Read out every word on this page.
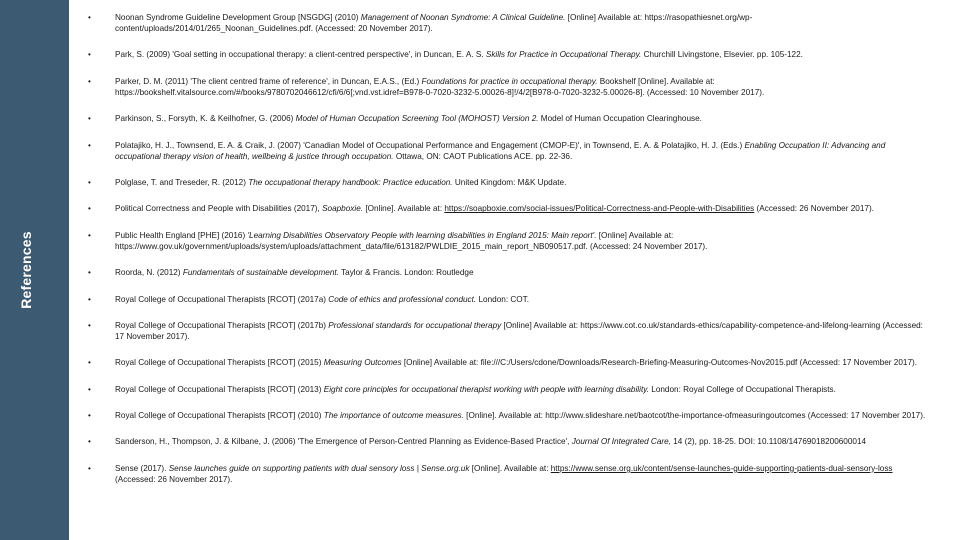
References
•	Noonan Syndrome Guideline Development Group [NSGDG] (2010) Management of Noonan Syndrome: A Clinical Guideline. [Online] Available at: https://rasopathiesnet.org/wp-content/uploads/2014/01/265_Noonan_Guidelines.pdf. (Accessed: 20 November 2017).
•	Park, S. (2009) 'Goal setting in occupational therapy: a client-centred perspective', in Duncan, E. A. S. Skills for Practice in Occupational Therapy. Churchill Livingstone, Elsevier. pp. 105-122.
•	Parker, D. M. (2011) 'The client centred frame of reference', in Duncan, E.A.S., (Ed.) Foundations for practice in occupational therapy. Bookshelf [Online]. Available at: https://bookshelf.vitalsource.com/#/books/9780702046612/cfi/6/6[;vnd.vst.idref=B978-0-7020-3232-5.00026-8]!/4/2[B978-0-7020-3232-5.00026-8]. (Accessed: 10 November 2017).
•	Parkinson, S., Forsyth, K. & Keilhofner, G. (2006) Model of Human Occupation Screening Tool (MOHOST) Version 2. Model of Human Occupation Clearinghouse.
•	Polatajiko, H. J., Townsend, E. A. & Craik, J. (2007) 'Canadian Model of Occupational Performance and Engagement (CMOP-E)', in Townsend, E. A. & Polatajiko, H. J. (Eds.) Enabling Occupation II: Advancing and occupational therapy vision of health, wellbeing & justice through occupation. Ottawa, ON: CAOT Publications ACE. pp. 22-36.
•	Polglase, T. and Treseder, R. (2012) The occupational therapy handbook: Practice education. United Kingdom: M&K Update.
•	Political Correctness and People with Disabilities (2017), Soapboxie. [Online]. Available at: https://soapboxie.com/social-issues/Political-Correctness-and-People-with-Disabilities (Accessed: 26 November 2017).
•	Public Health England [PHE] (2016) 'Learning Disabilities Observatory People with learning disabilities in England 2015: Main report'. [Online] Available at: https://www.gov.uk/government/uploads/system/uploads/attachment_data/file/613182/PWLDIE_2015_main_report_NB090517.pdf. (Accessed: 24 November 2017).
•	Roorda, N. (2012) Fundamentals of sustainable development. Taylor & Francis. London: Routledge
•	Royal College of Occupational Therapists [RCOT] (2017a) Code of ethics and professional conduct. London: COT.
•	Royal College of Occupational Therapists [RCOT] (2017b) Professional standards for occupational therapy [Online] Available at: https://www.cot.co.uk/standards-ethics/capability-competence-and-lifelong-learning (Accessed: 17 November 2017).
•	Royal College of Occupational Therapists [RCOT] (2015) Measuring Outcomes [Online] Available at: file:///C:/Users/cdone/Downloads/Research-Briefing-Measuring-Outcomes-Nov2015.pdf (Accessed: 17 November 2017).
•	Royal College of Occupational Therapists [RCOT] (2013) Eight core principles for occupational therapist working with people with learning disability. London: Royal College of Occupational Therapists.
•	Royal College of Occupational Therapists [RCOT] (2010) The importance of outcome measures. [Online]. Available at: http://www.slideshare.net/baotcot/the-importance-ofmeasuringoutcomes (Accessed: 17 November 2017).
•	Sanderson, H., Thompson, J. & Kilbane, J. (2006) 'The Emergence of Person-Centred Planning as Evidence-Based Practice', Journal Of Integrated Care, 14 (2), pp. 18-25. DOI: 10.1108/14769018200600014
•	Sense (2017). Sense launches guide on supporting patients with dual sensory loss | Sense.org.uk [Online]. Available at: https://www.sense.org.uk/content/sense-launches-guide-supporting-patients-dual-sensory-loss (Accessed: 26 November 2017).
